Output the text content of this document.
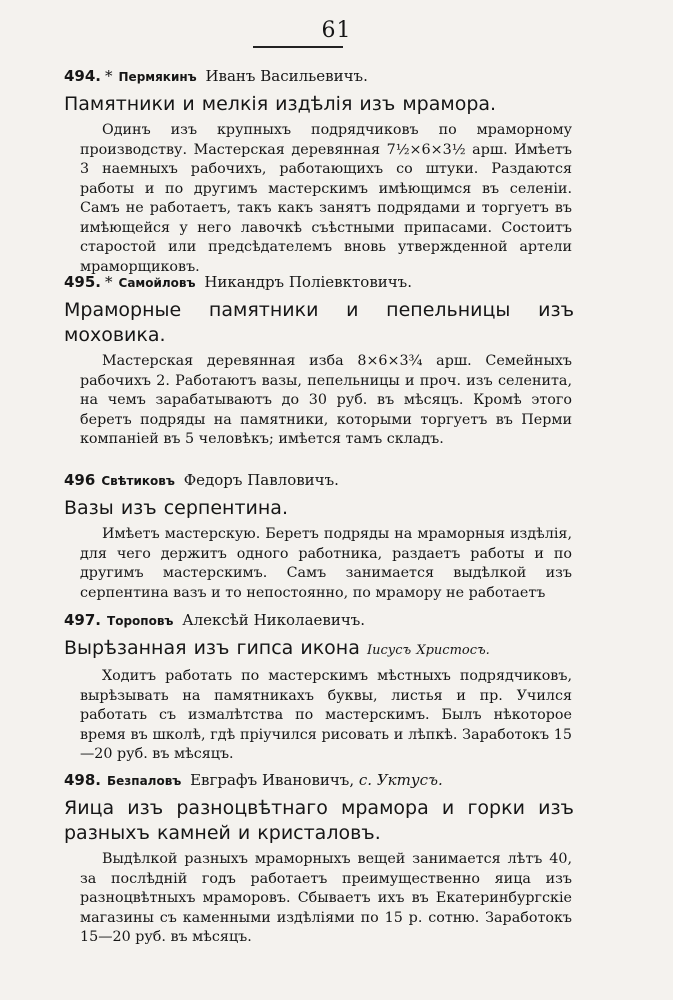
61
494. * Пермякинъ Иванъ Васильевичъ.
Памятники и мелкія издѣлія изъ мрамора.
Одинъ изъ крупныхъ подрядчиковъ по мраморному производству. Мастерская деревянная 7½×6×3½ арш. Имѣетъ 3 наемныхъ рабочихъ, работающихъ со штуки. Раздаются работы и по другимъ мастерскимъ имѣющимся въ селеніи. Самъ не работаетъ, такъ какъ занятъ подрядами и торгуетъ въ имѣющейся у него лавочкѣ съѣстными припасами. Состоитъ старостой или предсѣдателемъ вновь утвержденной артели мраморщиковъ.
495. * Самойловъ Никандръ Поліевктовичъ.
Мраморные памятники и пепельницы изъ моховика.
Мастерская деревянная изба 8×6×3¾ арш. Семейныхъ рабочихъ 2. Работаютъ вазы, пепельницы и проч. изъ селенита, на чемъ зарабатываютъ до 30 руб. въ мѣсяцъ. Кромѣ этого беретъ подряды на памятники, которыми торгуетъ въ Перми компаніей въ 5 человѣкъ; имѣется тамъ складъ.
496 Свѣтиковъ Федоръ Павловичъ.
Вазы изъ серпентина.
Имѣетъ мастерскую. Беретъ подряды на мраморныя издѣлія, для чего держитъ одного работника, раздаетъ работы и по другимъ мастерскимъ. Самъ занимается выдѣлкой изъ серпентина вазъ и то непостоянно, по мрамору не работаетъ
497. Тороповъ Алексѣй Николаевичъ.
Вырѣзанная изъ гипса икона Іисусъ Христосъ.
Ходитъ работать по мастерскимъ мѣстныхъ подрядчиковъ, вырѣзывать на памятникахъ буквы, листья и пр. Учился работать съ измалѣтства по мастерскимъ. Былъ нѣкоторое время въ школѣ, гдѣ пріучился рисовать и лѣпкѣ. Заработокъ 15—20 руб. въ мѣсяцъ.
498. Безпаловъ Евграфъ Ивановичъ, с. Уктусъ.
Яица изъ разноцвѣтнаго мрамора и горки изъ разныхъ камней и кристаловъ.
Выдѣлкой разныхъ мраморныхъ вещей занимается лѣтъ 40, за послѣдній годъ работаетъ преимущественно яица изъ разноцвѣтныхъ мраморовъ. Сбываетъ ихъ въ Екатеринбургскіе магазины съ каменными издѣліями по 15 р. сотню. Заработокъ 15—20 руб. въ мѣсяцъ.
